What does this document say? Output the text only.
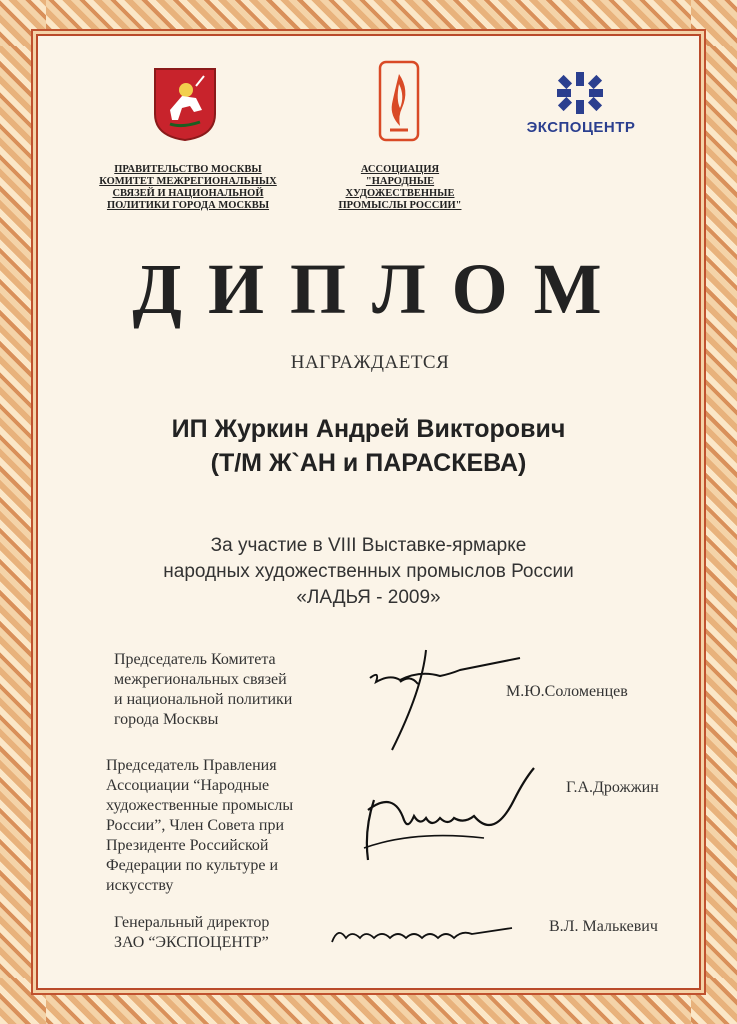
ЭКСПОЦЕНТР
ПРАВИТЕЛЬСТВО МОСКВЫ
КОМИТЕТ МЕЖРЕГИОНАЛЬНЫХ
СВЯЗЕЙ И НАЦИОНАЛЬНОЙ
ПОЛИТИКИ ГОРОДА МОСКВЫ
АССОЦИАЦИЯ
"НАРОДНЫЕ
ХУДОЖЕСТВЕННЫЕ
ПРОМЫСЛЫ РОССИИ"
ДИПЛОМ
НАГРАЖДАЕТСЯ
ИП Журкин Андрей Викторович
(Т/М Ж`АН и ПАРАСКЕВА)
За участие в VIII Выставке-ярмарке
народных художественных промыслов России
«ЛАДЬЯ - 2009»
Председатель Комитета
межрегиональных связей
и национальной политики
города Москвы
М.Ю.Соломенцев
Председатель Правления
Ассоциации “Народные
художественные промыслы
России”, Член Совета при
Президенте Российской
Федерации по культуре и
искусству
Г.А.Дрожжин
Генеральный директор
ЗАО “ЭКСПОЦЕНТР”
В.Л. Малькевич
